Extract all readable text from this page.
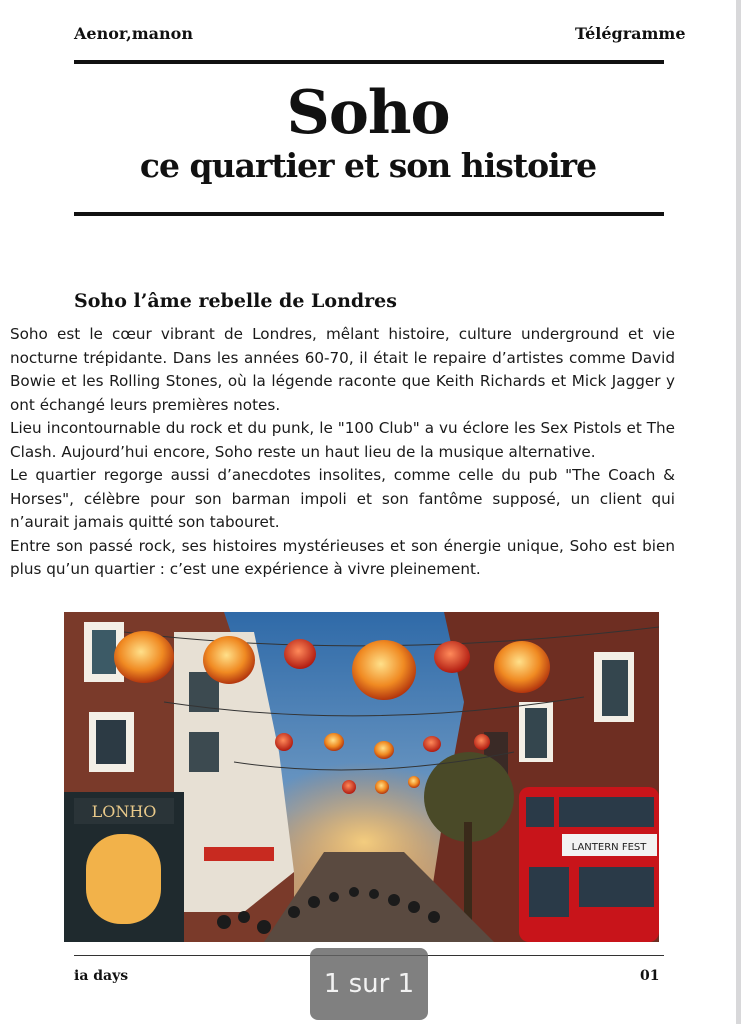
Aenor,manon	Télégramme
Soho
ce quartier et son histoire
Soho l’âme rebelle de Londres

Soho est le cœur vibrant de Londres, mêlant histoire, culture underground et vie nocturne trépidante. Dans les années 60-70, il était le repaire d’artistes comme David Bowie et les Rolling Stones, où la légende raconte que Keith Richards et Mick Jagger y ont échangé leurs premières notes.

Lieu incontournable du rock et du punk, le "100 Club" a vu éclore les Sex Pistols et The Clash. Aujourd’hui encore, Soho reste un haut lieu de la musique alternative.

Le quartier regorge aussi d’anecdotes insolites, comme celle du pub "The Coach & Horses", célèbre pour son barman impoli et son fantôme supposé, un client qui n’aurait jamais quitté son tabouret.

Entre son passé rock, ses histoires mystérieuses et son énergie unique, Soho est bien plus qu’un quartier : c’est une expérience à vivre pleinement.

LONHO
LANTERN FEST
ia days	01
1 sur 1
